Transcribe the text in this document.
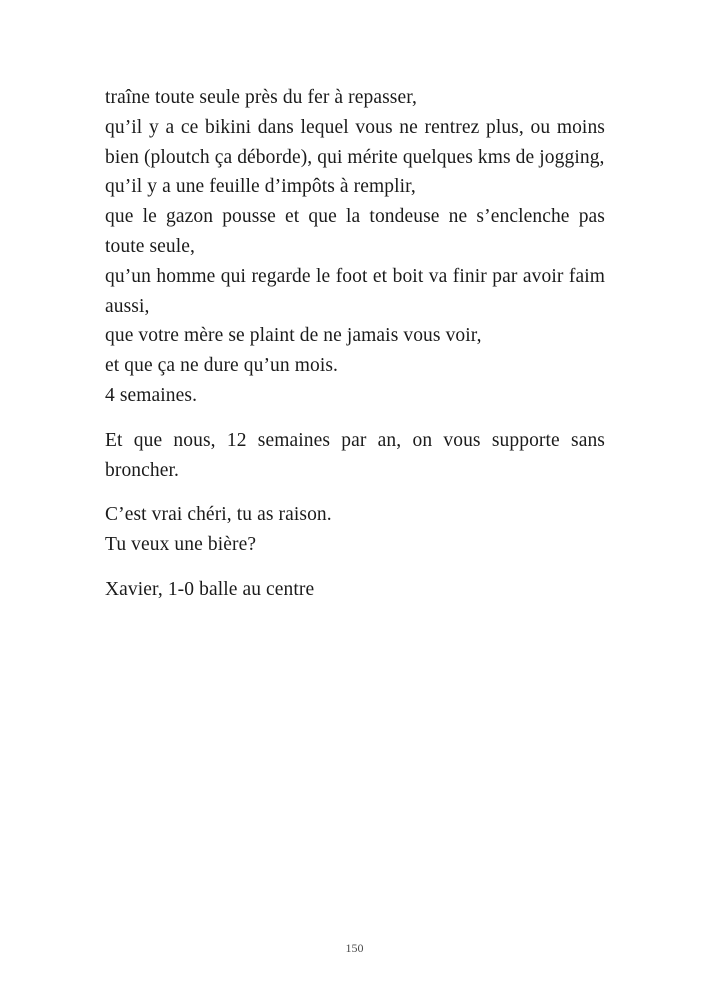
traîne toute seule près du fer à repasser,

qu’il y a ce bikini dans lequel vous ne rentrez plus, ou moins bien (ploutch ça déborde), qui mérite quelques kms de jogging,

qu’il y a une feuille d’impôts à remplir,

que le gazon pousse et que la tondeuse ne s’enclenche pas toute seule,

qu’un homme qui regarde le foot et boit va finir par avoir faim aussi,

que votre mère se plaint de ne jamais vous voir,

et que ça ne dure qu’un mois.

4 semaines.

Et que nous, 12 semaines par an, on vous supporte sans broncher.

C’est vrai chéri, tu as raison.

Tu veux une bière?

Xavier, 1-0 balle au centre

150
